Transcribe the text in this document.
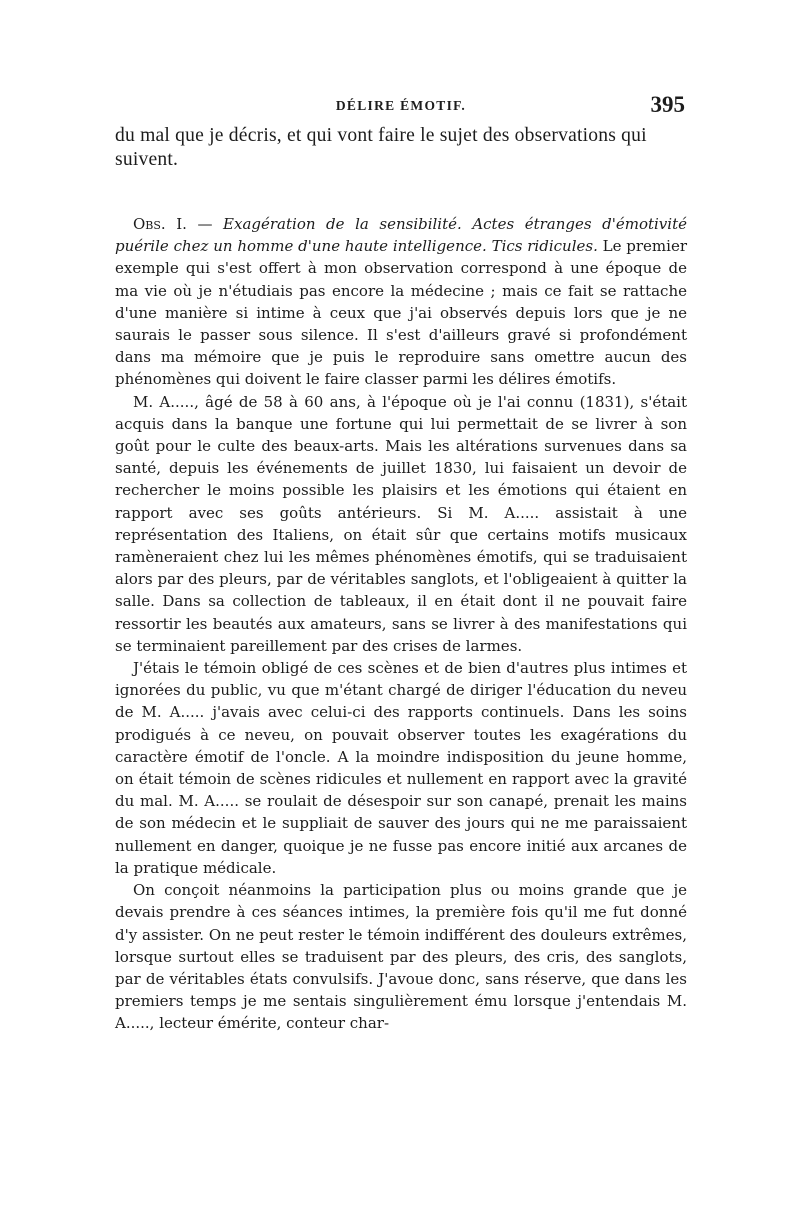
DÉLIRE ÉMOTIF.	395

du mal que je décris, et qui vont faire le sujet des observations qui suivent.

Obs. I. — Exagération de la sensibilité. Actes étranges d'émotivité puérile chez un homme d'une haute intelligence. Tics ridicules. Le premier exemple qui s'est offert à mon observation correspond à une époque de ma vie où je n'étudiais pas encore la médecine ; mais ce fait se rattache d'une manière si intime à ceux que j'ai observés depuis lors que je ne saurais le passer sous silence. Il s'est d'ailleurs gravé si profondément dans ma mémoire que je puis le reproduire sans omettre aucun des phénomènes qui doivent le faire classer parmi les délires émotifs.

M. A....., âgé de 58 à 60 ans, à l'époque où je l'ai connu (1831), s'était acquis dans la banque une fortune qui lui permettait de se livrer à son goût pour le culte des beaux-arts. Mais les altérations survenues dans sa santé, depuis les événements de juillet 1830, lui faisaient un devoir de rechercher le moins possible les plaisirs et les émotions qui étaient en rapport avec ses goûts antérieurs. Si M. A..... assistait à une représentation des Italiens, on était sûr que certains motifs musicaux ramèneraient chez lui les mêmes phénomènes émotifs, qui se traduisaient alors par des pleurs, par de véritables sanglots, et l'obligeaient à quitter la salle. Dans sa collection de tableaux, il en était dont il ne pouvait faire ressortir les beautés aux amateurs, sans se livrer à des manifestations qui se terminaient pareillement par des crises de larmes.

J'étais le témoin obligé de ces scènes et de bien d'autres plus intimes et ignorées du public, vu que m'étant chargé de diriger l'éducation du neveu de M. A..... j'avais avec celui-ci des rapports continuels. Dans les soins prodigués à ce neveu, on pouvait observer toutes les exagérations du caractère émotif de l'oncle. A la moindre indisposition du jeune homme, on était témoin de scènes ridicules et nullement en rapport avec la gravité du mal. M. A..... se roulait de désespoir sur son canapé, prenait les mains de son médecin et le suppliait de sauver des jours qui ne me paraissaient nullement en danger, quoique je ne fusse pas encore initié aux arcanes de la pratique médicale.

On conçoit néanmoins la participation plus ou moins grande que je devais prendre à ces séances intimes, la première fois qu'il me fut donné d'y assister. On ne peut rester le témoin indifférent des douleurs extrêmes, lorsque surtout elles se traduisent par des pleurs, des cris, des sanglots, par de véritables états convulsifs. J'avoue donc, sans réserve, que dans les premiers temps je me sentais singulièrement ému lorsque j'entendais M. A....., lecteur émérite, conteur char-
